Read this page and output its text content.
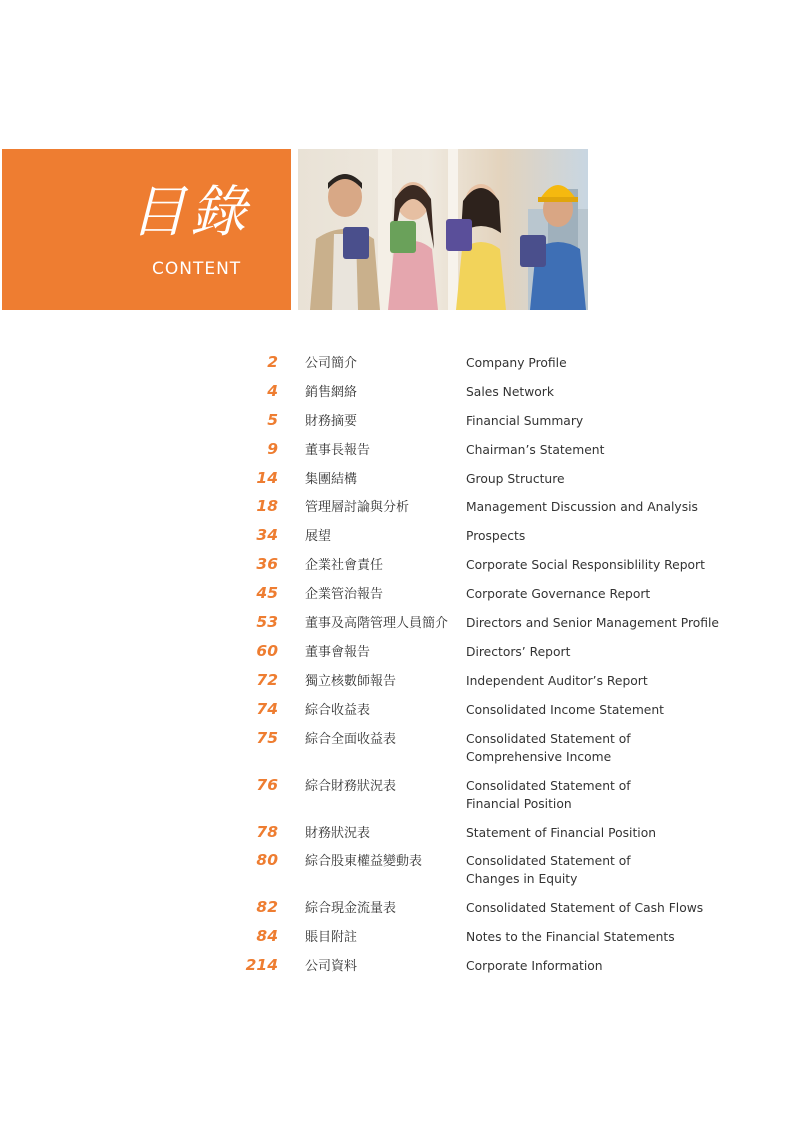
目錄
CONTENT
2 公司簡介	Company Profile
4 銷售網絡	Sales Network
5 財務摘要	Financial Summary
9 董事長報告	Chairman’s Statement
14 集團結構	Group Structure
18 管理層討論與分析	Management Discussion and Analysis
34 展望	Prospects
36 企業社會責任	Corporate Social Responsiblility Report
45 企業管治報告	Corporate Governance Report
53 董事及高階管理人員簡介 Directors and Senior Management Profile
60 董事會報告	Directors’ Report
72 獨立核數師報告	Independent Auditor’s Report
74 綜合收益表	Consolidated Income Statement
75 綜合全面收益表	Consolidated Statement of
Comprehensive Income
76 綜合財務狀況表	Consolidated Statement of
Financial Position
78 財務狀況表	Statement of Financial Position
80 綜合股東權益變動表	Consolidated Statement of
Changes in Equity
82 綜合現金流量表	Consolidated Statement of Cash Flows
84 賬目附註	Notes to the Financial Statements
214 公司資料	Corporate Information
